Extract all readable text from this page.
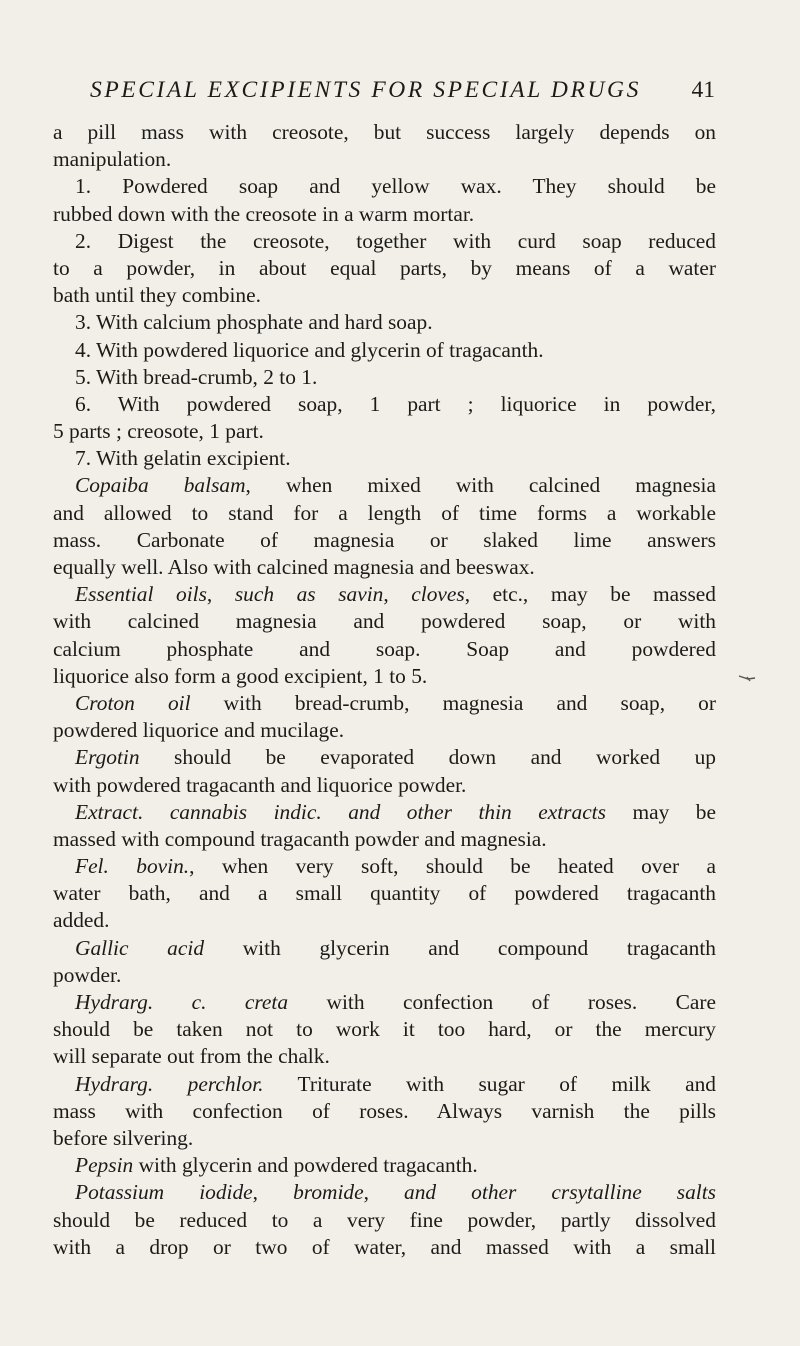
SPECIAL EXCIPIENTS FOR SPECIAL DRUGS 41
a pill mass with creosote, but success largely depends on
manipulation.
1. Powdered soap and yellow wax. They should be
rubbed down with the creosote in a warm mortar.
2. Digest the creosote, together with curd soap reduced
to a powder, in about equal parts, by means of a water
bath until they combine.
3. With calcium phosphate and hard soap.
4. With powdered liquorice and glycerin of tragacanth.
5. With bread-crumb, 2 to 1.
6. With powdered soap, 1 part ; liquorice in powder,
5 parts ; creosote, 1 part.
7. With gelatin excipient.
Copaiba balsam, when mixed with calcined magnesia
and allowed to stand for a length of time forms a workable
mass. Carbonate of magnesia or slaked lime answers
equally well. Also with calcined magnesia and beeswax.
Essential oils, such as savin, cloves, etc., may be massed
with calcined magnesia and powdered soap, or with
calcium phosphate and soap. Soap and powdered
liquorice also form a good excipient, 1 to 5.
Croton oil with bread-crumb, magnesia and soap, or
powdered liquorice and mucilage.
Ergotin should be evaporated down and worked up
with powdered tragacanth and liquorice powder.
Extract. cannabis indic. and other thin extracts may be
massed with compound tragacanth powder and magnesia.
Fel. bovin., when very soft, should be heated over a
water bath, and a small quantity of powdered tragacanth
added.
Gallic acid with glycerin and compound tragacanth
powder.
Hydrarg. c. creta with confection of roses. Care
should be taken not to work it too hard, or the mercury
will separate out from the chalk.
Hydrarg. perchlor. Triturate with sugar of milk and
mass with confection of roses. Always varnish the pills
before silvering.
Pepsin with glycerin and powdered tragacanth.
Potassium iodide, bromide, and other crsytalline salts
should be reduced to a very fine powder, partly dissolved
with a drop or two of water, and massed with a small
